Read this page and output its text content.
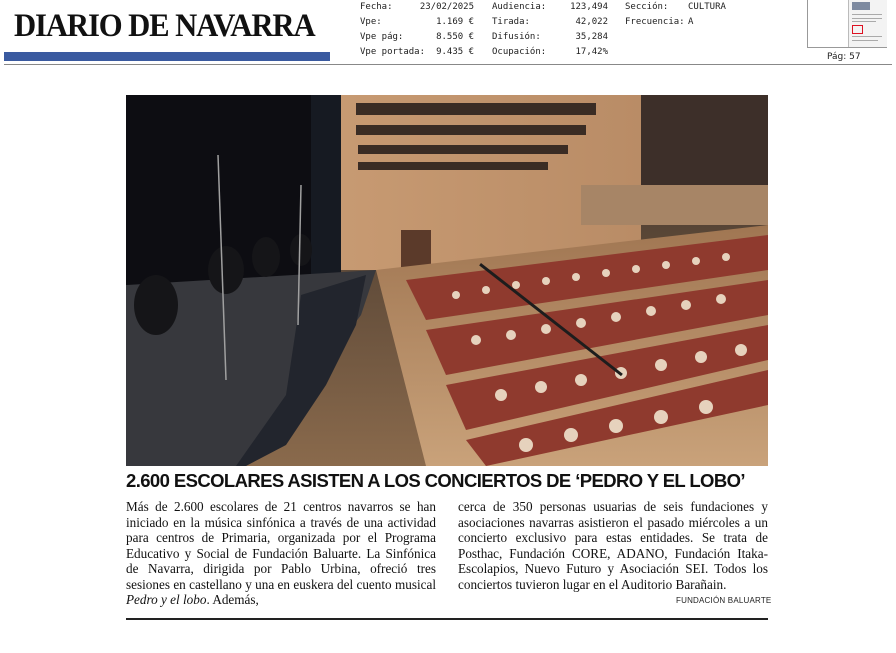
DIARIO DE NAVARRA
Fecha:	23/02/2025
Vpe:	1.169 €
Vpe pág:	8.550 €
Vpe portada: 9.435 €
Audiencia:	123,494
Tirada:	42,022
Difusión:	35,284
Ocupación:	17,42%
Sección: CULTURA
Frecuencia: A
Pág: 57
2.600 ESCOLARES ASISTEN A LOS CONCIERTOS DE ‘PEDRO Y EL LOBO’
Más de 2.600 escolares de 21 centros navarros se han iniciado en la música sinfónica a través de una actividad para centros de Primaria, organizada por el Programa Educativo y Social de Fundación Baluarte. La Sinfónica de Navarra, dirigida por Pablo Urbina, ofreció tres sesiones en castellano y una en euskera del cuento musical Pedro y el lobo. Además,
cerca de 350 personas usuarias de seis fundaciones y asociaciones navarras asistieron el pasado miércoles a un concierto exclusivo para estas entidades. Se trata de Posthac, Fundación CORE, ADANO, Fundación Itaka-Escolapios, Nuevo Futuro y Asociación SEI. Todos los conciertos tuvieron lugar en el Auditorio Barañain.
FUNDACIÓN BALUARTE
